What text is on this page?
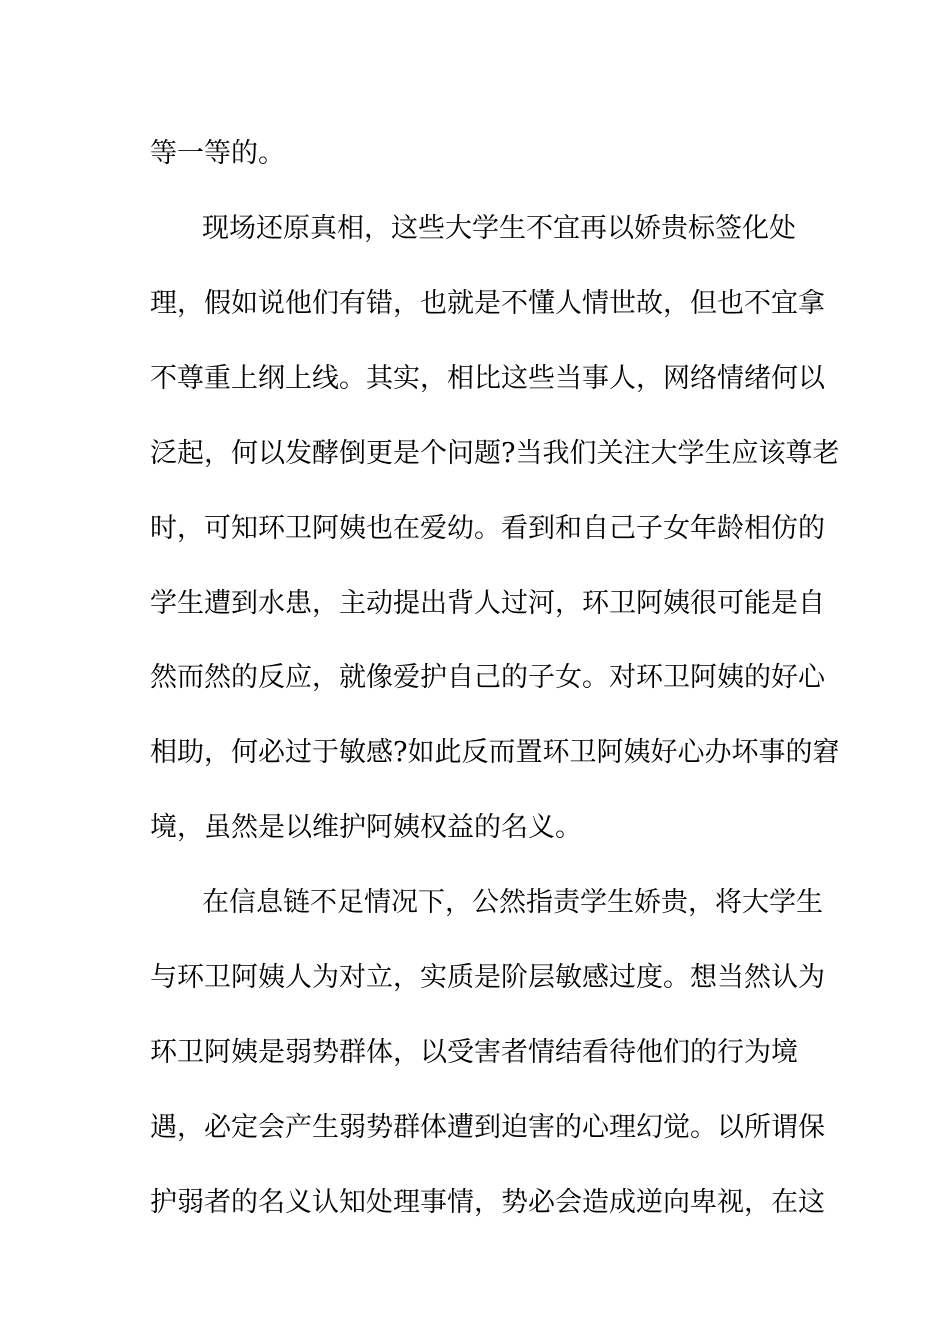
等一等的。
现场还原真相，这些大学生不宜再以娇贵标签化处
理，假如说他们有错，也就是不懂人情世故，但也不宜拿
不尊重上纲上线。其实，相比这些当事人，网络情绪何以
泛起，何以发酵倒更是个问题?当我们关注大学生应该尊老
时，可知环卫阿姨也在爱幼。看到和自己子女年龄相仿的
学生遭到水患，主动提出背人过河，环卫阿姨很可能是自
然而然的反应，就像爱护自己的子女。对环卫阿姨的好心
相助，何必过于敏感?如此反而置环卫阿姨好心办坏事的窘
境，虽然是以维护阿姨权益的名义。
在信息链不足情况下，公然指责学生娇贵，将大学生
与环卫阿姨人为对立，实质是阶层敏感过度。想当然认为
环卫阿姨是弱势群体，以受害者情结看待他们的行为境
遇，必定会产生弱势群体遭到迫害的心理幻觉。以所谓保
护弱者的名义认知处理事情，势必会造成逆向卑视，在这
